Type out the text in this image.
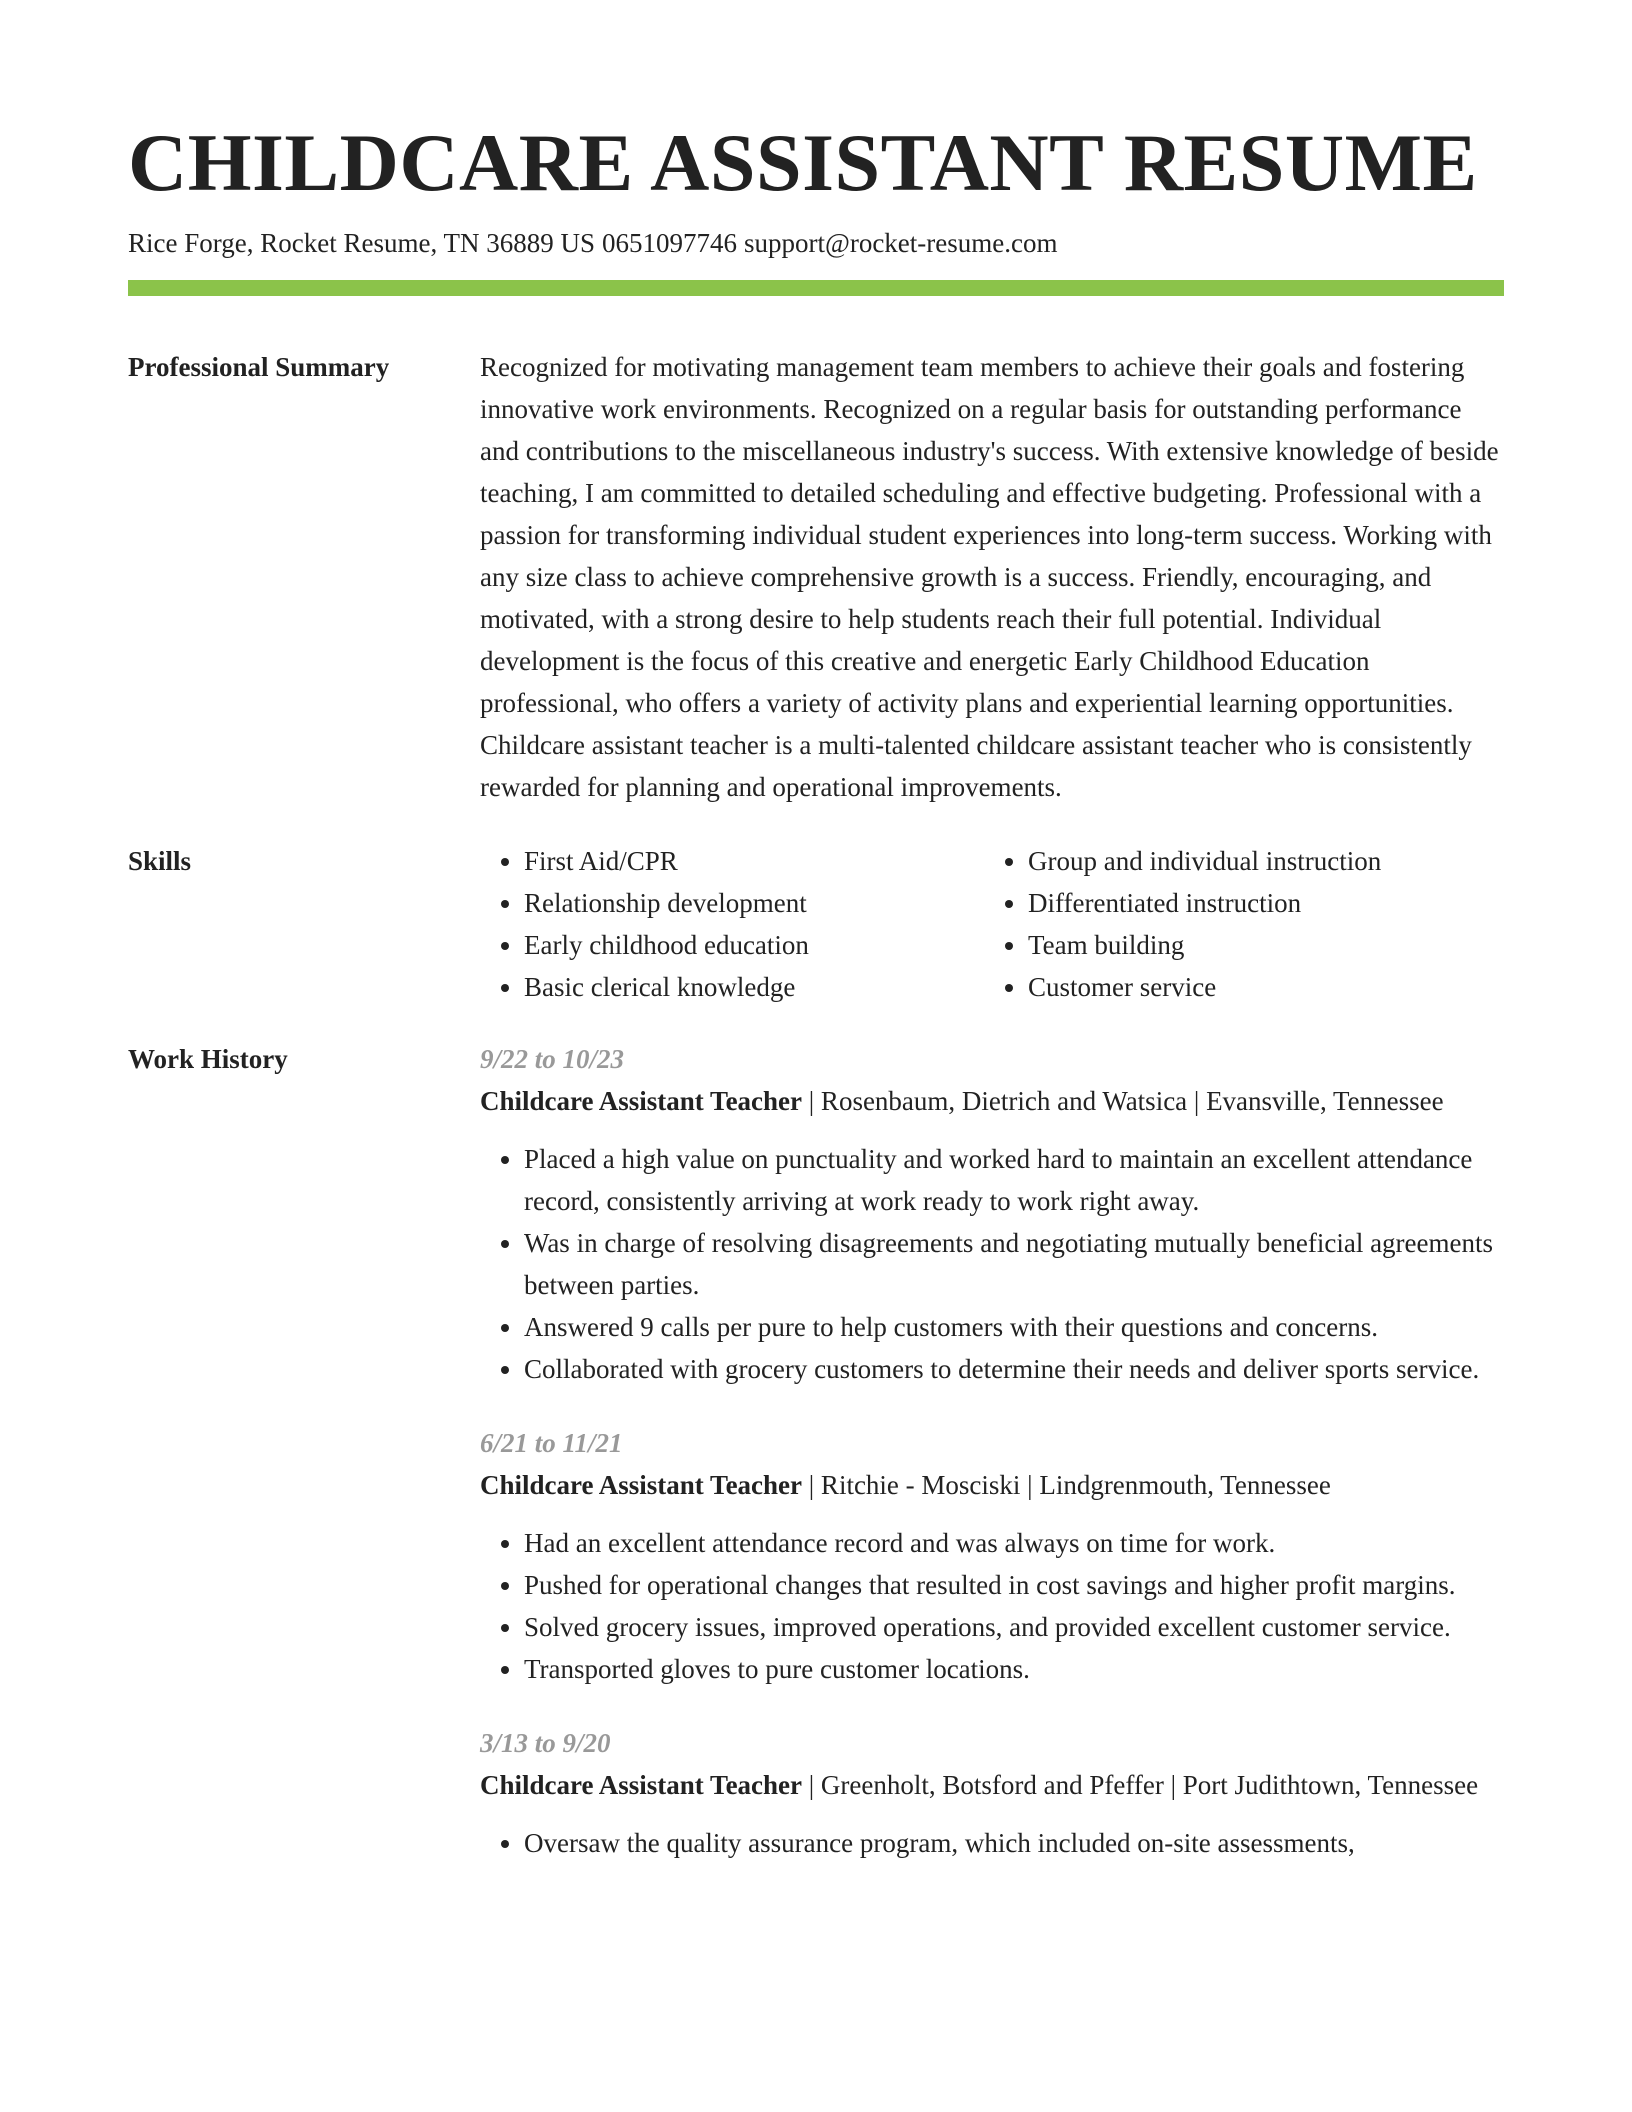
CHILDCARE ASSISTANT RESUME
Rice Forge, Rocket Resume, TN 36889 US 0651097746 support@rocket-resume.com
Professional Summary	Recognized for motivating management team members to achieve their goals and fostering innovative work environments. Recognized on a regular basis for outstanding performance and contributions to the miscellaneous industry's success. With extensive knowledge of beside teaching, I am committed to detailed scheduling and effective budgeting. Professional with a passion for transforming individual student experiences into long-term success. Working with any size class to achieve comprehensive growth is a success. Friendly, encouraging, and motivated, with a strong desire to help students reach their full potential. Individual development is the focus of this creative and energetic Early Childhood Education professional, who offers a variety of activity plans and experiential learning opportunities. Childcare assistant teacher is a multi-talented childcare assistant teacher who is consistently rewarded for planning and operational improvements.

Skills
•	First Aid/CPR
• Relationship development
• Early childhood education
• Basic clerical knowledge
• Group and individual instruction
• Differentiated instruction
• Team building
• Customer service
Work History	9/22 to 10/23
Childcare Assistant Teacher | Rosenbaum, Dietrich and Watsica | Evansville, Tennessee
• Placed a high value on punctuality and worked hard to maintain an excellent attendance record, consistently arriving at work ready to work right away.
• Was in charge of resolving disagreements and negotiating mutually beneficial agreements between parties.
• Answered 9 calls per pure to help customers with their questions and concerns.
• Collaborated with grocery customers to determine their needs and deliver sports service.
6/21 to 11/21
Childcare Assistant Teacher | Ritchie - Mosciski | Lindgrenmouth, Tennessee
• Had an excellent attendance record and was always on time for work.
• Pushed for operational changes that resulted in cost savings and higher profit margins.
• Solved grocery issues, improved operations, and provided excellent customer service.
• Transported gloves to pure customer locations.
3/13 to 9/20
Childcare Assistant Teacher | Greenholt, Botsford and Pfeffer | Port Judithtown, Tennessee
• Oversaw the quality assurance program, which included on-site assessments,
